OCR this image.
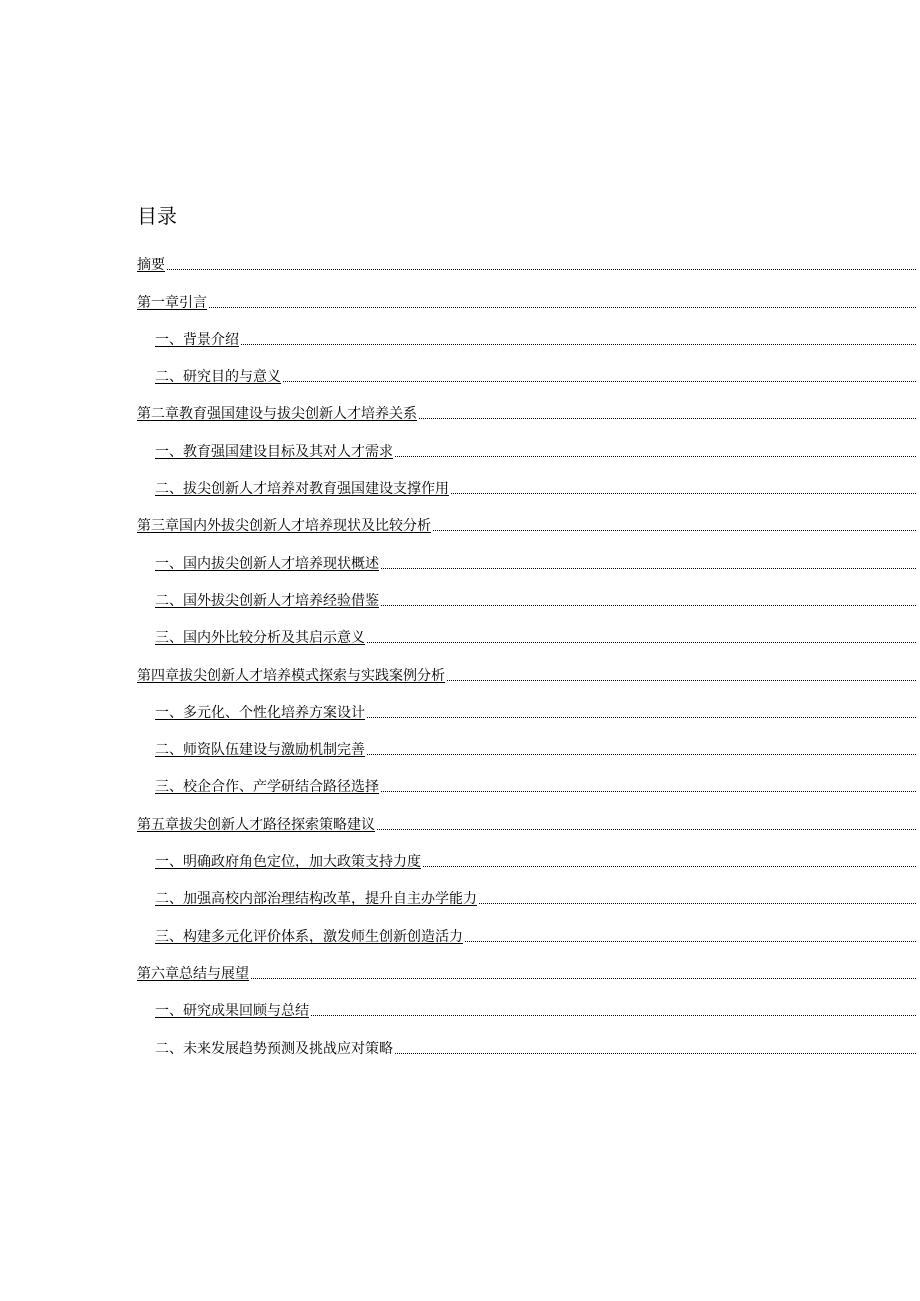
目录
摘要
第一章引言
一、背景介绍
二、研究目的与意义
第二章教育强国建设与拔尖创新人才培养关系
一、教育强国建设目标及其对人才需求
二、拔尖创新人才培养对教育强国建设支撑作用
第三章国内外拔尖创新人才培养现状及比较分析
一、国内拔尖创新人才培养现状概述
二、国外拔尖创新人才培养经验借鉴
三、国内外比较分析及其启示意义
第四章拔尖创新人才培养模式探索与实践案例分析
一、多元化、个性化培养方案设计
二、师资队伍建设与激励机制完善
三、校企合作、产学研结合路径选择
第五章拔尖创新人才路径探索策略建议
一、明确政府角色定位，加大政策支持力度
二、加强高校内部治理结构改革，提升自主办学能力
三、构建多元化评价体系，激发师生创新创造活力
第六章总结与展望
一、研究成果回顾与总结
二、未来发展趋势预测及挑战应对策略
